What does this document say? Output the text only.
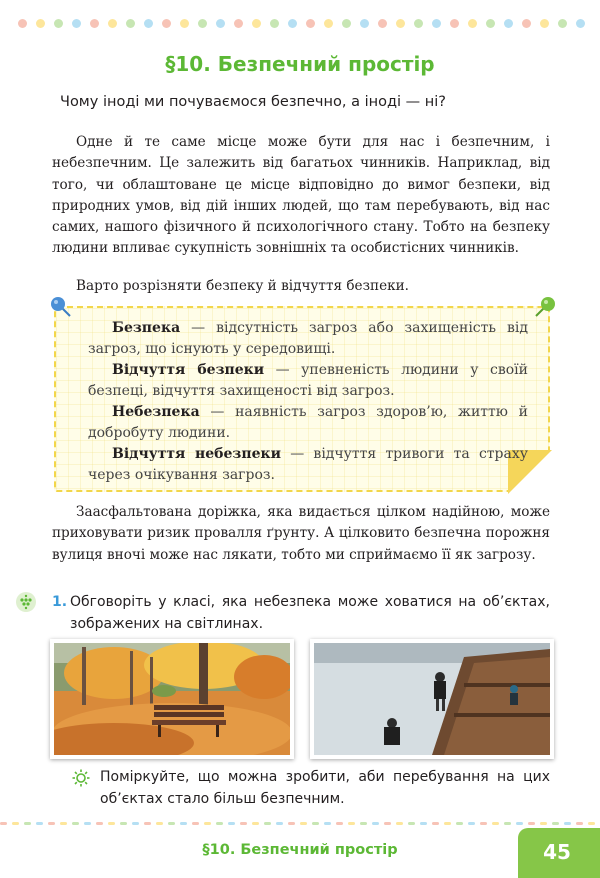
§10. Безпечний простір
Чому іноді ми почуваємося безпечно, а іноді — ні?

Одне й те саме місце може бути для нас і безпечним, і небезпечним. Це залежить від багатьох чинників. Наприклад, від того, чи облаштоване це місце відповідно до вимог безпеки, від природних умов, від дій інших людей, що там перебувають, від нас самих, нашого фізичного й психологічного стану. Тобто на безпеку людини впливає сукупність зовнішніх та особистісних чинників.

Варто розрізняти безпеку й відчуття безпеки.

Безпека — відсутність загроз або захищеність від загроз, що існують у середовищі.

Відчуття безпеки — упевненість людини у своїй безпеці, відчуття захищеності від загроз.

Небезпека — наявність загроз здоров’ю, життю й добробуту людини.

Відчуття небезпеки — відчуття тривоги та страху через очікування загроз.

Заасфальтована доріжка, яка видається цілком надійною, може приховувати ризик провалля ґрунту. А цілковито безпечна порожня вулиця вночі може нас лякати, тобто ми сприймаємо її як загрозу.

1. Обговоріть у класі, яка небезпека може ховатися на об’єктах, зображених на світлинах.
Поміркуйте, що можна зробити, аби перебування на цих об’єктах стало більш безпечним.
§10. Безпечний простір	45
